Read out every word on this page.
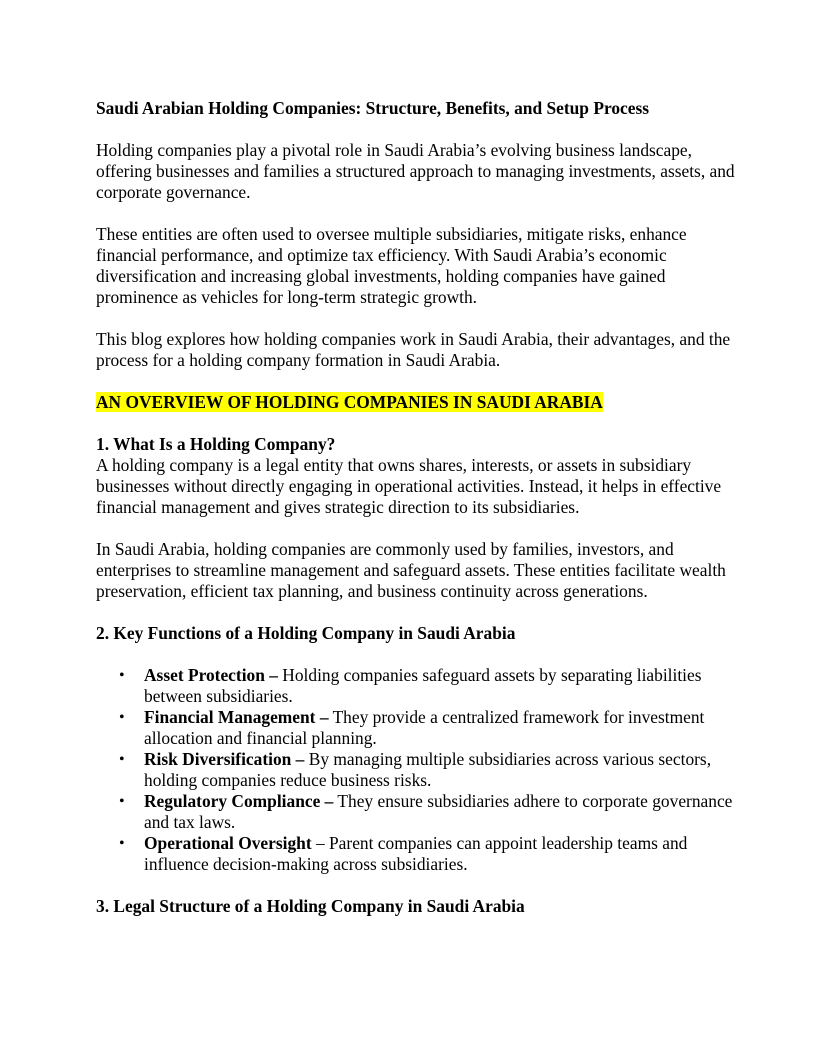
Saudi Arabian Holding Companies: Structure, Benefits, and Setup Process

Holding companies play a pivotal role in Saudi Arabia’s evolving business landscape, offering businesses and families a structured approach to managing investments, assets, and corporate governance.

These entities are often used to oversee multiple subsidiaries, mitigate risks, enhance financial performance, and optimize tax efficiency. With Saudi Arabia’s economic diversification and increasing global investments, holding companies have gained prominence as vehicles for long-term strategic growth.

This blog explores how holding companies work in Saudi Arabia, their advantages, and the process for a holding company formation in Saudi Arabia.

AN OVERVIEW OF HOLDING COMPANIES IN SAUDI ARABIA
1. What Is a Holding Company?

A holding company is a legal entity that owns shares, interests, or assets in subsidiary businesses without directly engaging in operational activities. Instead, it helps in effective financial management and gives strategic direction to its subsidiaries.

In Saudi Arabia, holding companies are commonly used by families, investors, and enterprises to streamline management and safeguard assets. These entities facilitate wealth preservation, efficient tax planning, and business continuity across generations.

2. Key Functions of a Holding Company in Saudi Arabia
• Asset Protection – Holding companies safeguard assets by separating liabilities between subsidiaries.
• Financial Management – They provide a centralized framework for investment allocation and financial planning.
• Risk Diversification – By managing multiple subsidiaries across various sectors, holding companies reduce business risks.
• Regulatory Compliance – They ensure subsidiaries adhere to corporate governance and tax laws.
• Operational Oversight – Parent companies can appoint leadership teams and influence decision-making across subsidiaries.
3. Legal Structure of a Holding Company in Saudi Arabia
